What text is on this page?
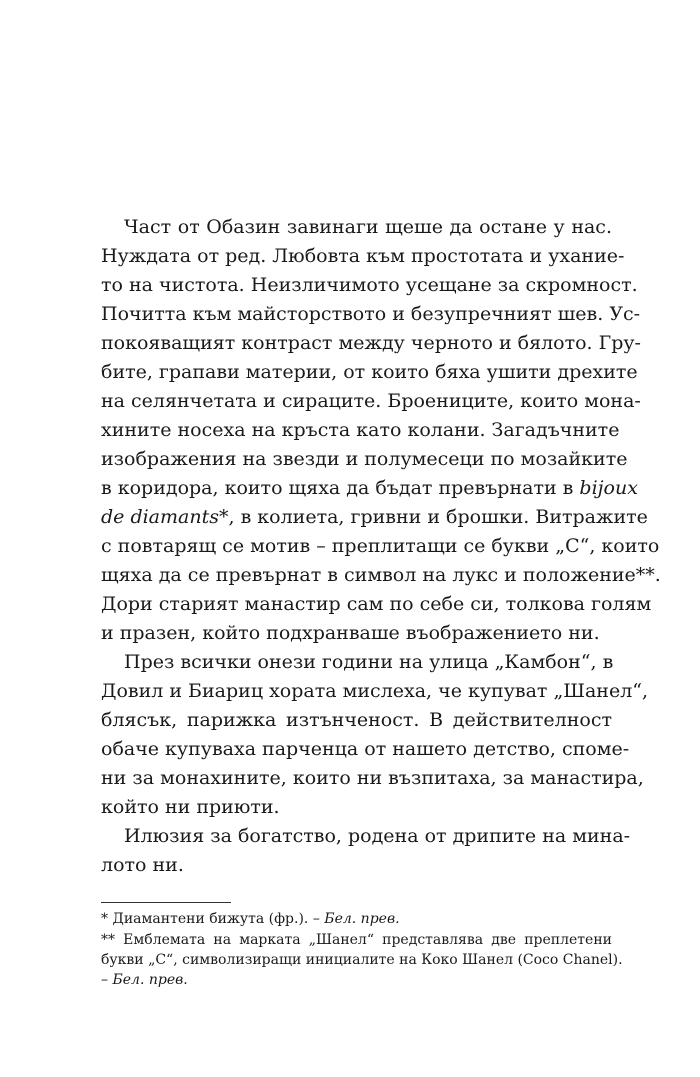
Част от Обазин завинаги щеше да остане у нас.
Нуждата от ред. Любовта към простотата и ухание-
то на чистота. Неизличимото усещане за скромност.
Почитта към майсторството и безупречният шев. Ус-
покояващият контраст между черното и бялото. Гру-
бите, грапави материи, от които бяха ушити дрехите
на селянчетата и сираците. Броениците, които мона-
хините носеха на кръста като колани. Загадъчните
изображения на звезди и полумесеци по мозайките
в коридора, които щяха да бъдат превърнати в bijoux
de diamants*, в колиета, гривни и брошки. Витражите
с повтарящ се мотив – преплитащи се букви „C“, които
щяха да се превърнат в символ на лукс и положение**.
Дори старият манастир сам по себе си, толкова голям
и празен, който подхранваше въображението ни.
През всички онези години на улица „Камбон“, в
Довил и Биариц хората мислеха, че купуват „Шанел“,
блясък, парижка изтънченост. В действителност
обаче купуваха парченца от нашето детство, споме-
ни за монахините, които ни възпитаха, за манастира,
който ни приюти.
Илюзия за богатство, родена от дрипите на мина-
лото ни.
* Диамантени бижута (фр.). – Бел. прев.
** Емблемата на марката „Шанел“ представлява две преплетени
букви „C“, символизиращи инициалите на Коко Шанел (Coco Chanel).
– Бел. прев.
